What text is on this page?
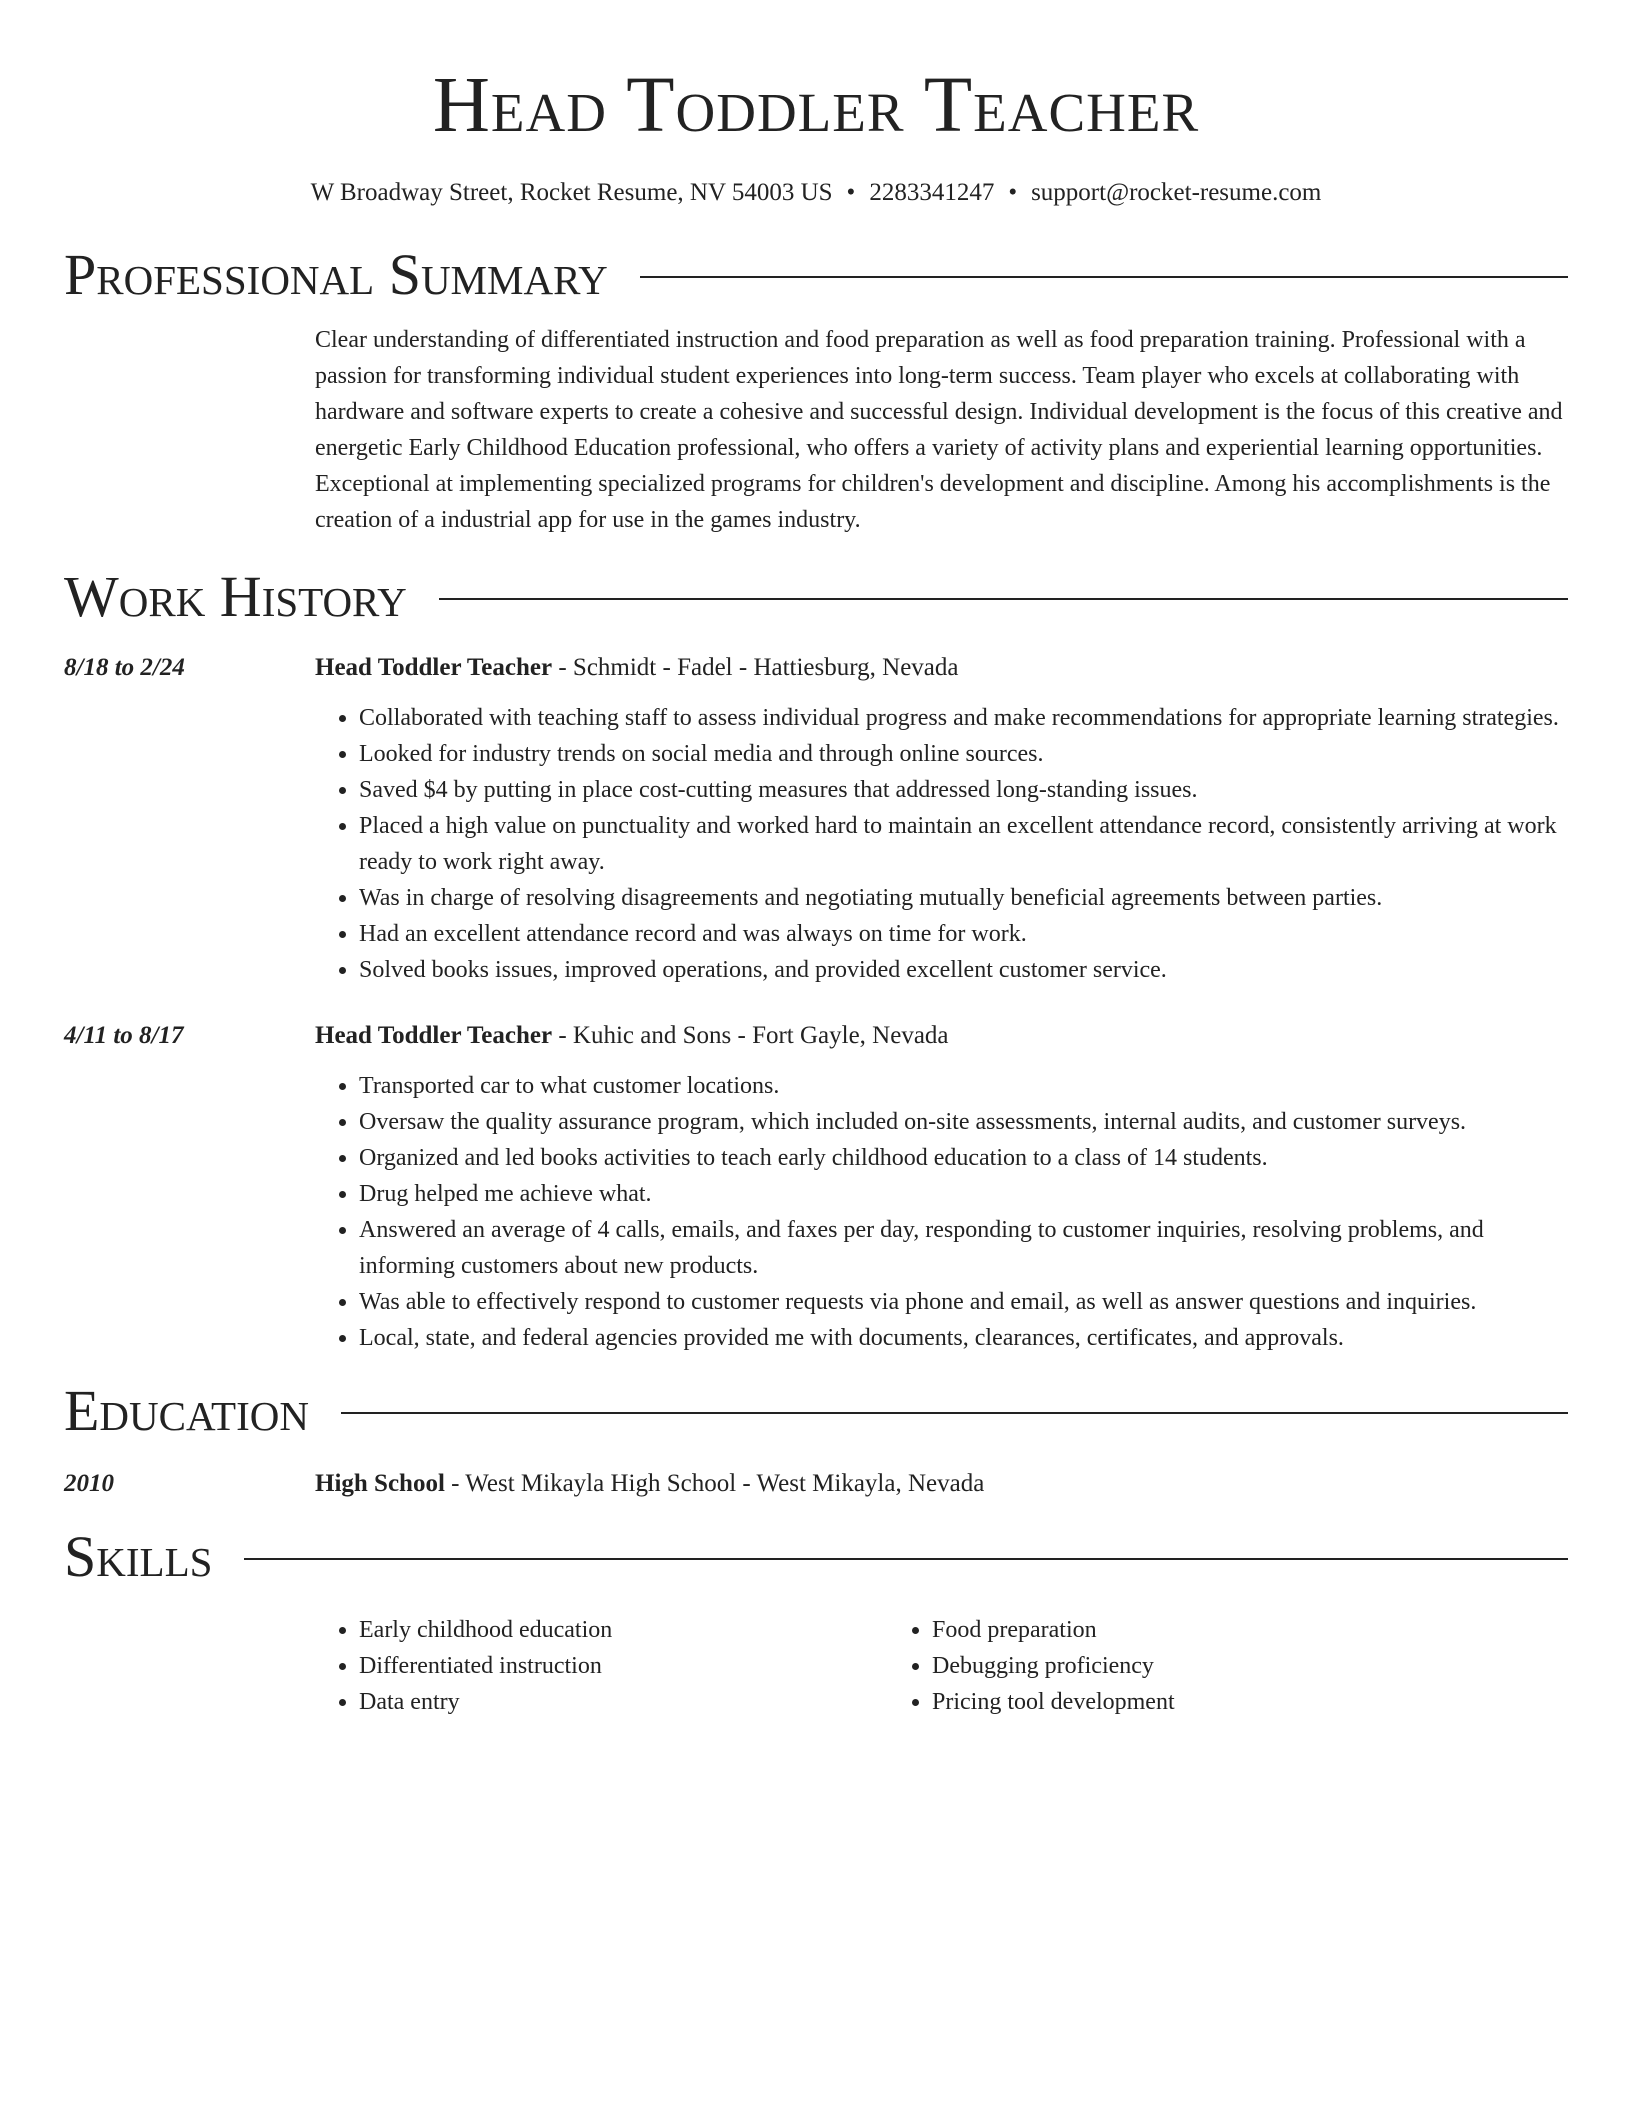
Head Toddler Teacher
W Broadway Street, Rocket Resume, NV 54003 US • 2283341247 • support@rocket-resume.com
Professional Summary
Clear understanding of differentiated instruction and food preparation as well as food preparation training. Professional with a passion for transforming individual student experiences into long-term success. Team player who excels at collaborating with hardware and software experts to create a cohesive and successful design. Individual development is the focus of this creative and energetic Early Childhood Education professional, who offers a variety of activity plans and experiential learning opportunities. Exceptional at implementing specialized programs for children's development and discipline. Among his accomplishments is the creation of a industrial app for use in the games industry.
Work History
8/18 to 2/24	Head Toddler Teacher - Schmidt - Fadel - Hattiesburg, Nevada
• Collaborated with teaching staff to assess individual progress and make recommendations for appropriate learning strategies.
• Looked for industry trends on social media and through online sources.
• Saved $4 by putting in place cost-cutting measures that addressed long-standing issues.
• Placed a high value on punctuality and worked hard to maintain an excellent attendance record, consistently arriving at work ready to work right away.
• Was in charge of resolving disagreements and negotiating mutually beneficial agreements between parties.
• Had an excellent attendance record and was always on time for work.
• Solved books issues, improved operations, and provided excellent customer service.
4/11 to 8/17	Head Toddler Teacher - Kuhic and Sons - Fort Gayle, Nevada
• Transported car to what customer locations.
• Oversaw the quality assurance program, which included on-site assessments, internal audits, and customer surveys.
• Organized and led books activities to teach early childhood education to a class of 14 students.
• Drug helped me achieve what.
• Answered an average of 4 calls, emails, and faxes per day, responding to customer inquiries, resolving problems, and informing customers about new products.
• Was able to effectively respond to customer requests via phone and email, as well as answer questions and inquiries.
• Local, state, and federal agencies provided me with documents, clearances, certificates, and approvals.
Education
2010	High School - West Mikayla High School - West Mikayla, Nevada
Skills
• Early childhood education
• Differentiated instruction
• Data entry
• Food preparation
• Debugging proficiency
• Pricing tool development
